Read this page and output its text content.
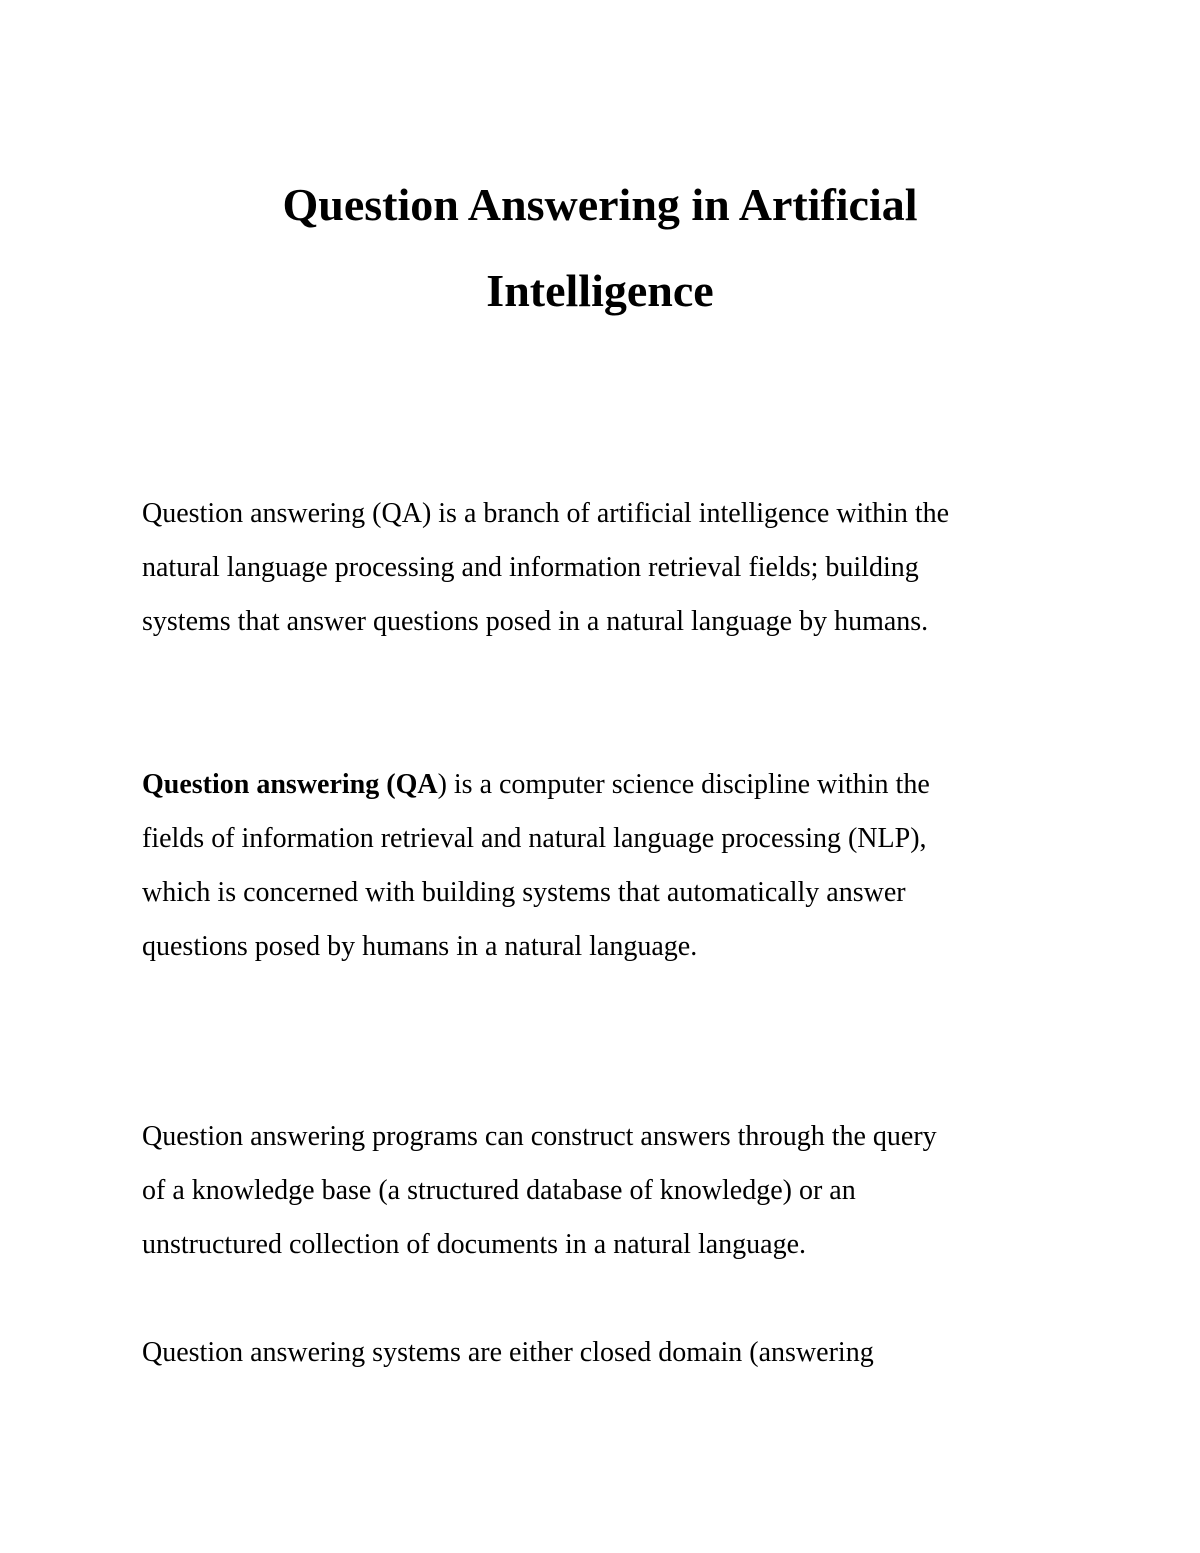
Question Answering in Artificial
Intelligence
Question answering (QA) is a branch of artificial intelligence within the
natural language processing and information retrieval fields; building
systems that answer questions posed in a natural language by humans.
Question answering (QA) is a computer science discipline within the
fields of information retrieval and natural language processing (NLP),
which is concerned with building systems that automatically answer
questions posed by humans in a natural language.
Question answering programs can construct answers through the query
of a knowledge base (a structured database of knowledge) or an
unstructured collection of documents in a natural language.
Question answering systems are either closed domain (answering
